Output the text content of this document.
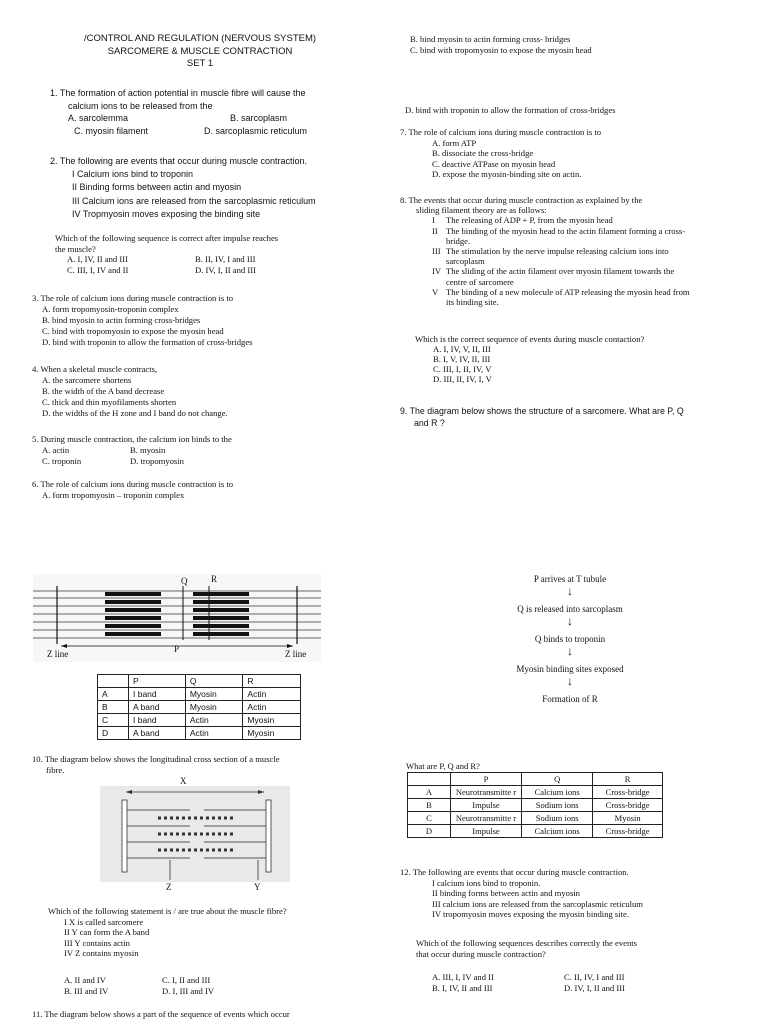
/CONTROL AND REGULATION (NERVOUS SYSTEM)
SARCOMERE & MUSCLE CONTRACTION
SET 1
1. The formation of action potential in muscle fibre will cause the
calcium ions to be released from the
A. sarcolemma	B. sarcoplasm
C. myosin filament	D. sarcoplasmic reticulum
2. The following are events that occur during muscle contraction.
I Calcium ions bind to troponin
II Binding forms between actin and myosin
III Calcium ions are released from the sarcoplasmic reticulum
IV Tropmyosin moves exposing the binding site
Which of the following sequence is correct after impulse reaches
the muscle?
A. I, IV, II and III	B. II, IV, I and III
C. III, I, IV and II	D. IV, I, II and III
3. The role of calcium ions during muscle contraction is to
A. form tropomyosin-troponin complex
B. bind myosin to actin forming cross-bridges
C. bind with tropomyosin to expose the myosin head
D. bind with troponin to allow the formation of cross-bridges
4. When a skeletal muscle contracts,
A. the sarcomere shortens
B. the width of the A band decrease
C. thick and thin myofilaments shorten
D. the widths of the H zone and I band do not change.
5. During muscle contraction, the calcium ion binds to the
A. actin	B. myosin
C. troponin	D. tropomyosin
6. The role of calcium ions during muscle contraction is to
A. form tropomyosin – troponin complex
B. bind myosin to actin forming cross- bridges
C. bind with tropomyosin to expose the myosin head
D. bind with troponin to allow the formation of cross-bridges
7. The role of calcium ions during muscle contraction is to
A. form ATP
B. dissociate the cross-bridge
C. deactive ATPase on myosin head
D. expose the myosin-binding site on actin.
8. The events that occur during muscle contraction as explained by the
sliding filament theory are as follows:
I	The releasing of ADP + P, from the myosin head
II The binding of the myosin head to the actin filament forming a cross-bridge.
III The stimulation by the nerve impulse releasing calcium ions into sarcoplasm
IV The sliding of the actin filament over myosin filament towards the centre of sarcomere
V The binding of a new molecule of ATP releasing the myosin head from its binding site.
Which is the correct sequence of events during muscle contaction?
A. I, IV, V, II, III
B. I, V, IV, II, III
C. III, I, II, IV, V
D. III, II, IV, I, V
9. The diagram below shows the structure of a sarcomere. What are P, Q
and R ?
Q	R
P
Z line	Z line
	P	Q	R
A	I band	Myosin	Actin
B	A band	Myosin	Actin
C	I band	Actin	Myosin
D	A band	Actin	Myosin
10. The diagram below shows the longitudinal cross section of a muscle
fibre.
X
Z	Y
Which of the following statement is / are true about the muscle fibre?
I X is called sarcomere
II Y can form the A band
III Y contains actin
IV Z contains myosin
A. II and IV	C. I, II and III
B. III and IV	D. I, III and IV
11. The diagram below shows a part of the sequence of events which occur
P arrives at T tubule
↓
Q is released into sarcoplasm
↓
Q binds to troponin
↓
Myosin binding sites exposed
↓
Formation of R
What are P, Q and R?
	P	Q	R
A	Neurotransmitte r	Calcium ions	Cross-bridge
B	Impulse	Sodium ions	Cross-bridge
C	Neurotransmitte r	Sodium ions	Myosin
D	Impulse	Calcium ions	Cross-bridge
12. The following are events that occur during muscle contraction.
I calcium ions bind to troponin.
II binding forms between actin and myosin
III calcium ions are released from the sarcoplasmic reticulum
IV tropomyosin moves exposing the myosin binding site.
Which of the following sequences describes correctly the events
that occur during muscle contraction?
A. III, I, IV and II	C. II, IV, I and III
B. I, IV, II and III	D. IV, I, II and III
